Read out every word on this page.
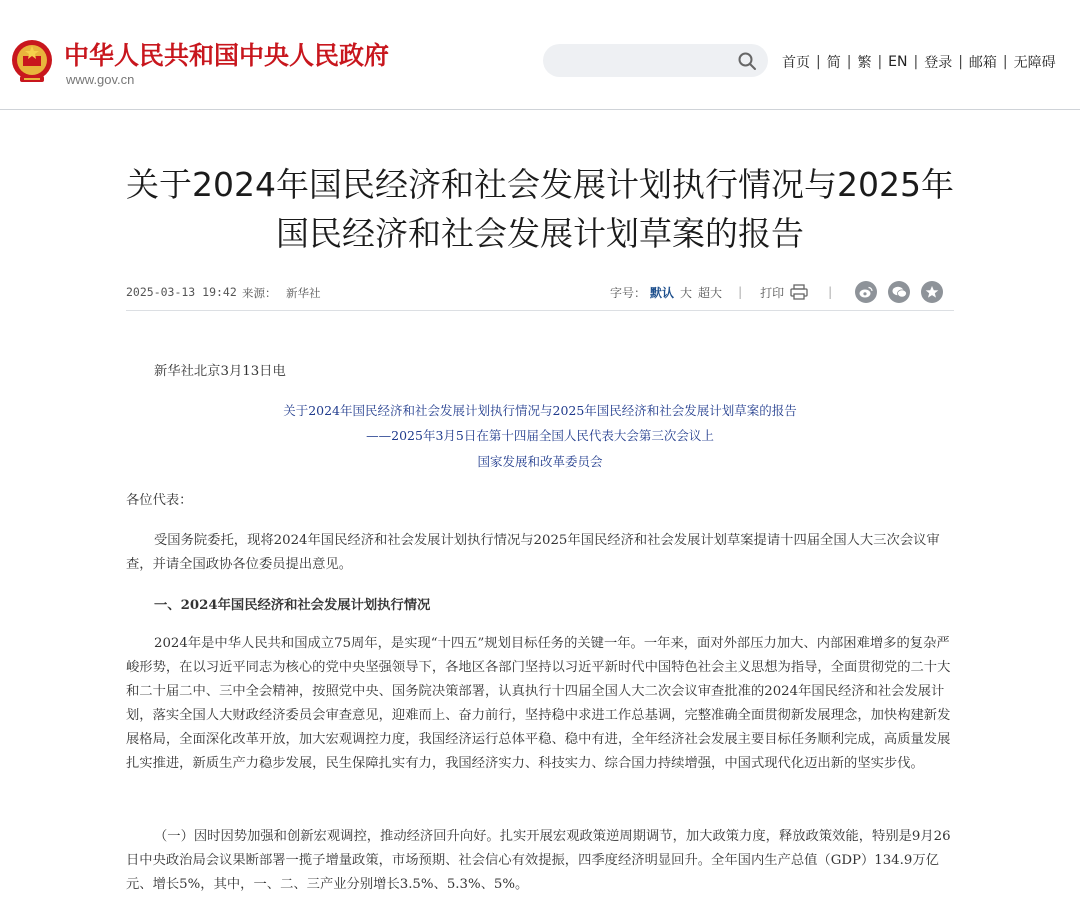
中华人民共和国中央人民政府
www.gov.cn
首页 | 简 | 繁 | EN | 登录 | 邮箱 | 无障碍
关于2024年国民经济和社会发展计划执行情况与2025年
国民经济和社会发展计划草案的报告
2025-03-13 19:42 来源： 新华社	字号： 默认 大 超大 | 打印	|

新华社北京3月13日电

关于2024年国民经济和社会发展计划执行情况与2025年国民经济和社会发展计划草案的报告

——2025年3月5日在第十四届全国人民代表大会第三次会议上

国家发展和改革委员会

各位代表：

受国务院委托，现将2024年国民经济和社会发展计划执行情况与2025年国民经济和社会发展计划草案提请十四届全国人大三次会议审查，并请全国政协各位委员提出意见。

一、2024年国民经济和社会发展计划执行情况

2024年是中华人民共和国成立75周年，是实现“十四五”规划目标任务的关键一年。一年来，面对外部压力加大、内部困难增多的复杂严峻形势，在以习近平同志为核心的党中央坚强领导下，各地区各部门坚持以习近平新时代中国特色社会主义思想为指导，全面贯彻党的二十大和二十届二中、三中全会精神，按照党中央、国务院决策部署，认真执行十四届全国人大二次会议审查批准的2024年国民经济和社会发展计划，落实全国人大财政经济委员会审查意见，迎难而上、奋力前行，坚持稳中求进工作总基调，完整准确全面贯彻新发展理念，加快构建新发展格局，全面深化改革开放，加大宏观调控力度，我国经济运行总体平稳、稳中有进，全年经济社会发展主要目标任务顺利完成，高质量发展扎实推进，新质生产力稳步发展，民生保障扎实有力，我国经济实力、科技实力、综合国力持续增强，中国式现代化迈出新的坚实步伐。

（一）因时因势加强和创新宏观调控，推动经济回升向好。扎实开展宏观政策逆周期调节，加大政策力度，释放政策效能，特别是9月26日中央政治局会议果断部署一揽子增量政策，市场预期、社会信心有效提振，四季度经济明显回升。全年国内生产总值（GDP）134.9万亿元、增长5%，其中，一、二、三产业分别增长3.5%、5.3%、5%。
